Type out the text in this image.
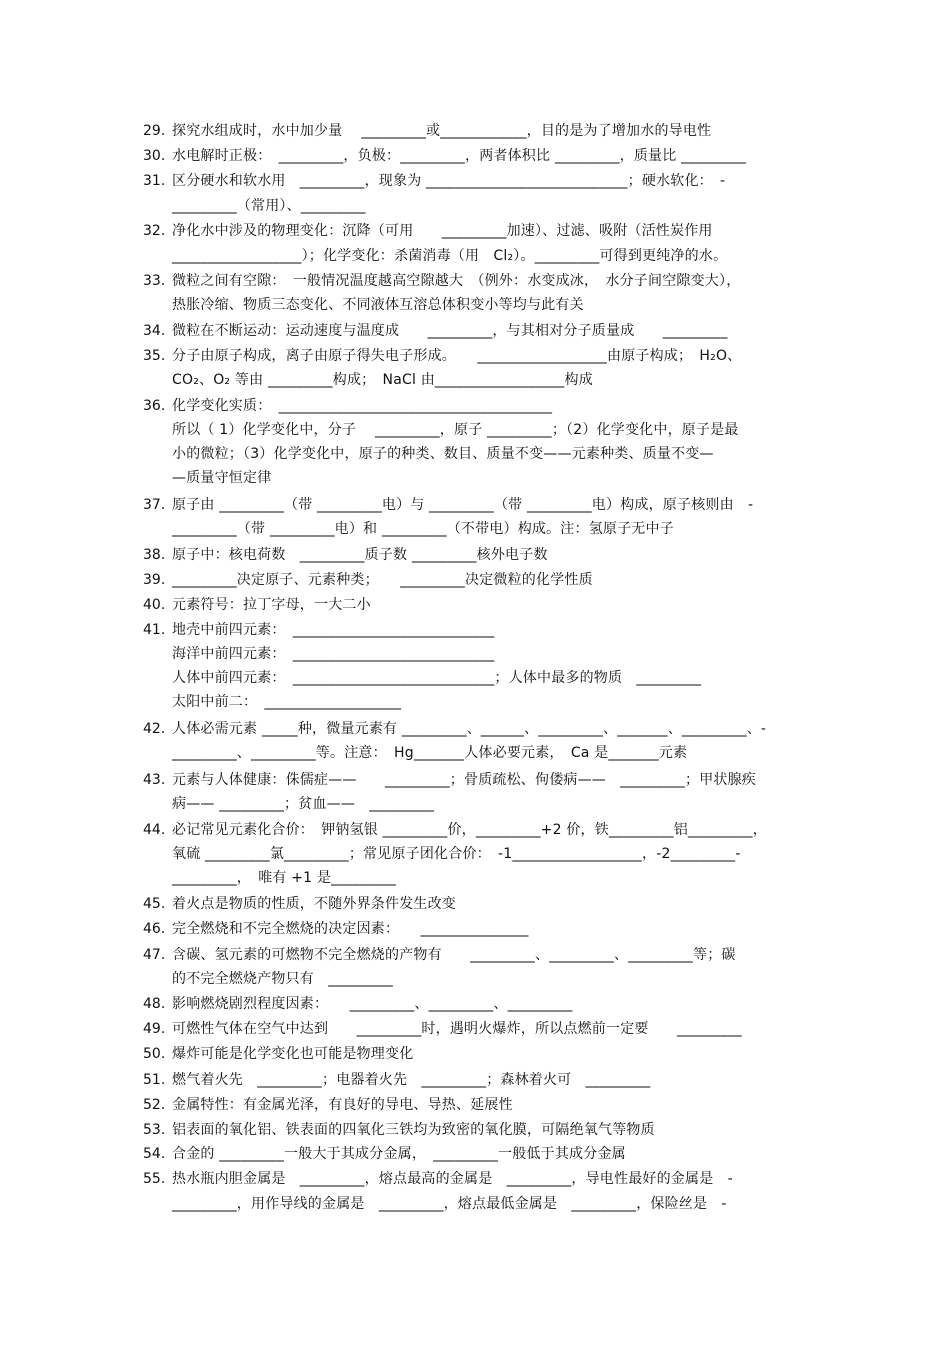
29. 探究水组成时，水中加少量　 _________或____________，目的是为了增加水的导电性
30. 水电解时正极：　_________，负极：_________，两者体积比 _________，质量比 _________
31. 区分硬水和软水用　_________，现象为 ____________________________；硬水软化：　-
_________（常用）、_________
32. 净化水中涉及的物理变化：沉降（可用　　_________加速）、过滤、吸附（活性炭作用
__________________）；化学变化：杀菌消毒（用　Cl₂）。_________可得到更纯净的水。
33. 微粒之间有空隙：　一般情况温度越高空隙越大　（例外：水变成冰，　水分子间空隙变大），
热胀冷缩、物质三态变化、不同液体互溶总体积变小等均与此有关
34. 微粒在不断运动：运动速度与温度成　　_________，与其相对分子质量成　　_________
35. 分子由原子构成，离子由原子得失电子形成。　　__________________由原子构成；　H₂O、
CO₂、O₂ 等由 _________构成；　NaCl 由__________________构成
36. 化学变化实质：　______________________________________
所以（ 1）化学变化中，分子　 _________，原子 _________；（2）化学变化中，原子是最
小的微粒；（3）化学变化中，原子的种类、数目、质量不变——元素种类、质量不变—
—质量守恒定律
37. 原子由 _________（带 _________电）与 _________（带 _________电）构成，原子核则由　-
_________（带 _________电）和 _________（不带电）构成。注：氢原子无中子
38. 原子中：核电荷数　_________质子数 _________核外电子数
39. _________决定原子、元素种类；　　_________决定微粒的化学性质
40. 元素符号：拉丁字母，一大二小
41. 地壳中前四元素：　____________________________
海洋中前四元素：　____________________________
人体中前四元素：　____________________________；人体中最多的物质　_________
太阳中前二：　___________________
42. 人体必需元素 _____种，微量元素有 _________、______、_________、_______、_________、-
_________、_________等。注意：　Hg_______人体必要元素，　Ca 是_______元素
43. 元素与人体健康：侏儒症——　　_________；骨质疏松、佝偻病——　_________；甲状腺疾
病—— _________；贫血——　_________
44. 必记常见元素化合价：　钾钠氢银 _________价，_________+2 价，铁_________铝_________，
氧硫 _________氯_________；常见原子团化合价：　-1__________________，-2_________-
_________，　唯有 +1 是_________
45. 着火点是物质的性质，不随外界条件发生改变
46. 完全燃烧和不完全燃烧的决定因素：　　_______________
47. 含碳、氢元素的可燃物不完全燃烧的产物有　　_________、_________、_________等；碳
的不完全燃烧产物只有　_________
48. 影响燃烧剧烈程度因素：　　_________、_________、_________
49. 可燃性气体在空气中达到　　_________时，遇明火爆炸，所以点燃前一定要　　_________
50. 爆炸可能是化学变化也可能是物理变化
51. 燃气着火先　_________；电器着火先　_________；森林着火可　_________
52. 金属特性：有金属光泽，有良好的导电、导热、延展性
53. 铝表面的氧化铝、铁表面的四氧化三铁均为致密的氧化膜，可隔绝氧气等物质
54. 合金的 _________一般大于其成分金属，　_________一般低于其成分金属
55. 热水瓶内胆金属是　_________，熔点最高的金属是　_________，导电性最好的金属是　-
_________，用作导线的金属是　_________，熔点最低金属是　_________，保险丝是　-
